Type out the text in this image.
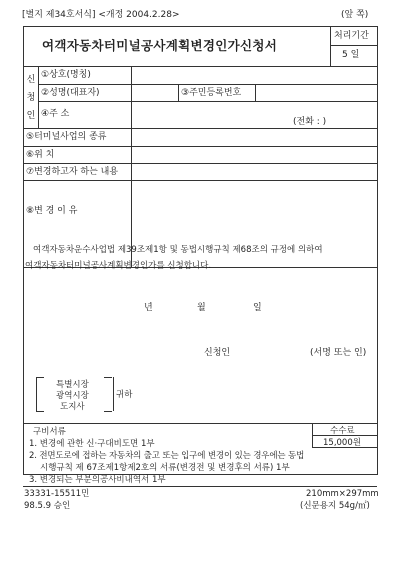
[별지 제34호서식] <개정 2004.2.28>	(앞 쪽)
여객자동차터미널공사계획변경인가신청서
처리기간
5 일
신
청
인
①상호(명칭)
②성명(대표자)	③주민등록번호
④주 소
(전화 : )
⑤터미널사업의 종류
⑥위 치
⑦변경하고자 하는 내용
⑧변 경 이 유
여객자동차운수사업법 제39조제1항 및 동법시행규칙 제68조의 규정에 의하여
여객자동차터미널공사계획변경인가를 신청합니다.
년	월	일
신청인	(서명 또는 인)
특별시장
광역시장
도지사
귀하
구비서류	수수료
15,000원
1. 변경에 관한 신·구대비도면 1부
2. 전면도로에 접하는 자동차의 출고 또는 입구에 변경이 있는 경우에는 동법
시행규칙 제 67조제1항제2호의 서류(변경전 및 변경후의 서류) 1부
3. 변경되는 부분의공사비내역서 1부
33331-15511민
98.5.9 승인
210mm×297mm
(신문용지 54g/㎡)
